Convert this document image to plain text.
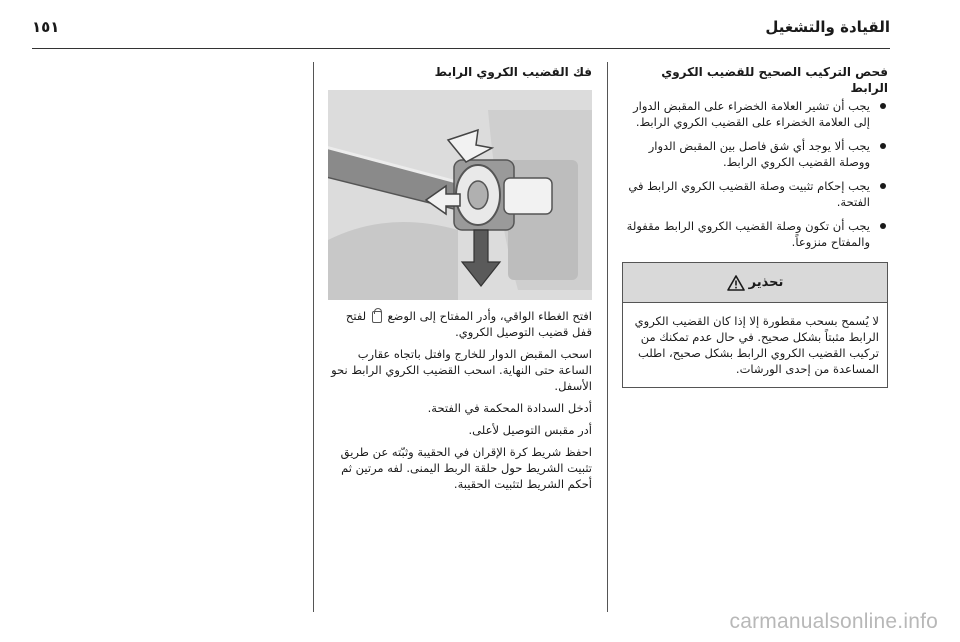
القيادة والتشغيل
١٥١
فحص التركيب الصحيح للقضيب الكروي الرابط
يجب أن تشير العلامة الخضراء على المقبض الدوار إلى العلامة الخضراء على القضيب الكروي الرابط.
يجب ألا يوجد أي شق فاصل بين المقبض الدوار ووصلة القضيب الكروي الرابط.
يجب إحكام تثبيت وصلة القضيب الكروي الرابط في الفتحة.
يجب أن تكون وصلة القضيب الكروي الرابط مقفولة والمفتاح منزوعاً.
تحذير
لا يُسمح بسحب مقطورة إلا إذا كان القضيب الكروي الرابط مثبتاً بشكل صحيح. في حال عدم تمكنك من تركيب القضيب الكروي الرابط بشكل صحيح، اطلب المساعدة من إحدى الورشات.
فك القضيب الكروي الرابط
افتح الغطاء الواقي، وأدر المفتاح إلى الوضع  لفتح قفل قضيب التوصيل الكروي.
اسحب المقبض الدوار للخارج وافتل باتجاه عقارب الساعة حتى النهاية. اسحب القضيب الكروي الرابط نحو الأسفل.
أدخل السدادة المحكمة في الفتحة.
أدر مقبس التوصيل لأعلى.
احفظ شريط كرة الإقران في الحقيبة وثبّته عن طريق تثبيت الشريط حول حلقة الربط اليمنى. لفه مرتين ثم أحكم الشريط لتثبيت الحقيبة.
carmanualsonline.info
